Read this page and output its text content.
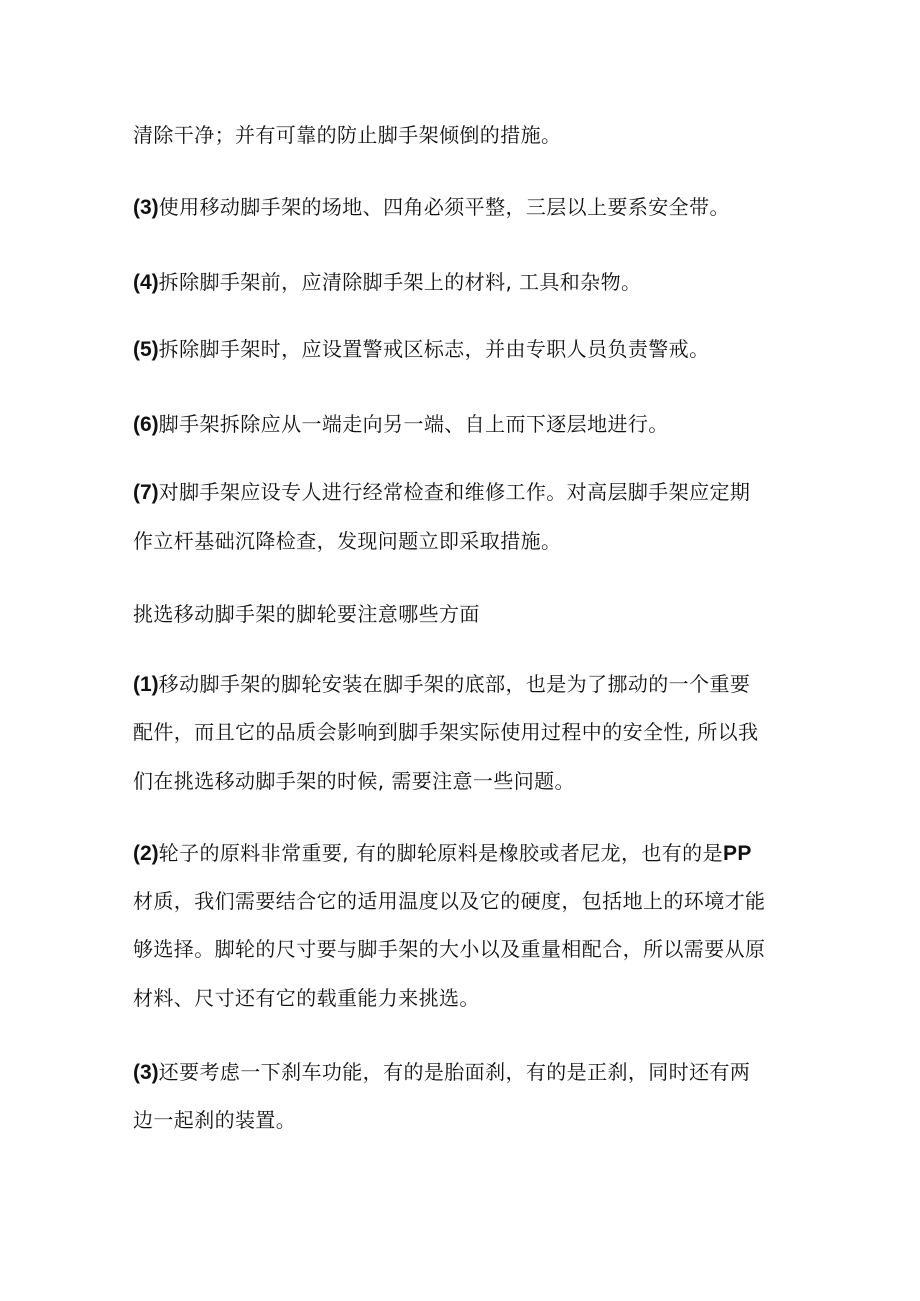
清除干净；并有可靠的防止脚手架倾倒的措施。
(3)使用移动脚手架的场地、四角必须平整，三层以上要系安全带。
(4)拆除脚手架前，应清除脚手架上的材料, 工具和杂物。
(5)拆除脚手架时，应设置警戒区标志，并由专职人员负责警戒。
(6)脚手架拆除应从一端走向另一端、自上而下逐层地进行。
(7)对脚手架应设专人进行经常检查和维修工作。对高层脚手架应定期
作立杆基础沉降检查，发现问题立即采取措施。
挑选移动脚手架的脚轮要注意哪些方面
(1)移动脚手架的脚轮安装在脚手架的底部，也是为了挪动的一个重要
配件，而且它的品质会影响到脚手架实际使用过程中的安全性, 所以我
们在挑选移动脚手架的时候, 需要注意一些问题。
(2)轮子的原料非常重要, 有的脚轮原料是橡胶或者尼龙，也有的是PP
材质，我们需要结合它的适用温度以及它的硬度，包括地上的环境才能
够选择。脚轮的尺寸要与脚手架的大小以及重量相配合，所以需要从原
材料、尺寸还有它的载重能力来挑选。
(3)还要考虑一下刹车功能，有的是胎面刹，有的是正刹，同时还有两
边一起刹的装置。
